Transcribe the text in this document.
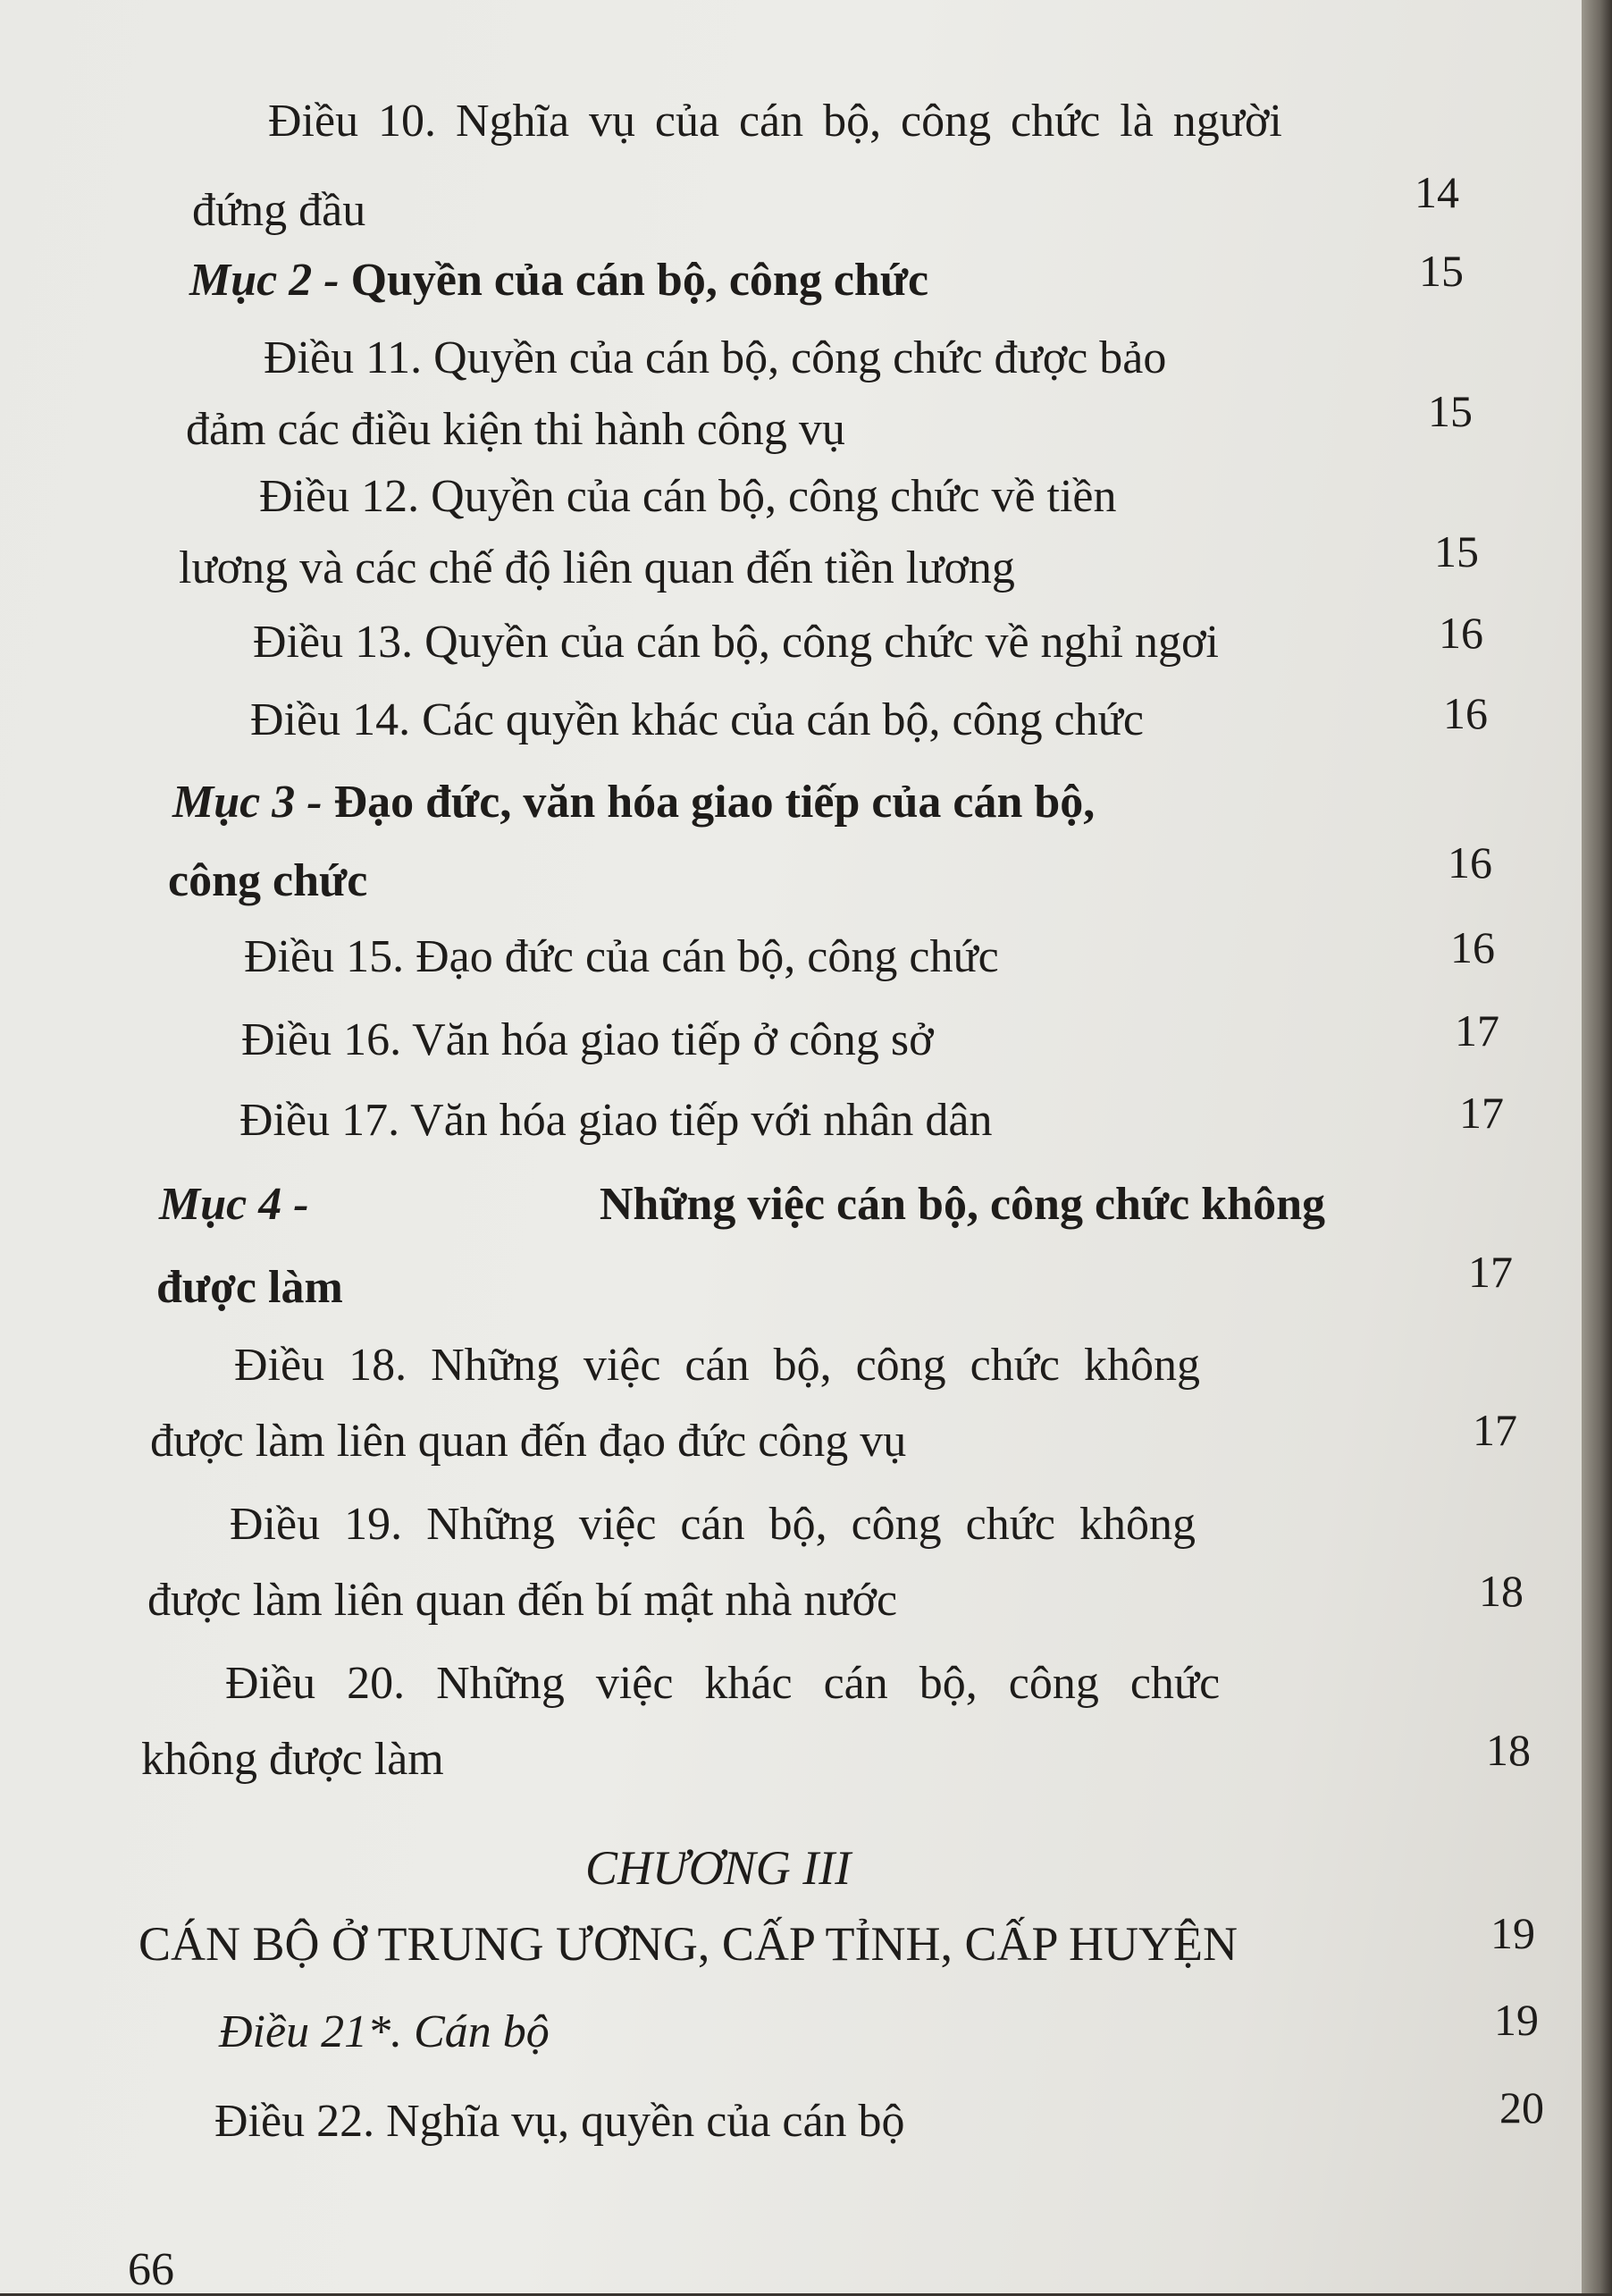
Điều 10. Nghĩa vụ của cán bộ, công chức là người
đứng đầu	14
Mục 2 - Quyền của cán bộ, công chức	15
Điều 11. Quyền của cán bộ, công chức được bảo
đảm các điều kiện thi hành công vụ	15
Điều 12. Quyền của cán bộ, công chức về tiền
lương và các chế độ liên quan đến tiền lương	15
Điều 13. Quyền của cán bộ, công chức về nghỉ ngơi	16
Điều 14. Các quyền khác của cán bộ, công chức	16
Mục 3 - Đạo đức, văn hóa giao tiếp của cán bộ,
công chức	16
Điều 15. Đạo đức của cán bộ, công chức	16
Điều 16. Văn hóa giao tiếp ở công sở	17
Điều 17. Văn hóa giao tiếp với nhân dân	17
Mục 4 -	Những việc cán bộ, công chức không
được làm	17
Điều 18. Những việc cán bộ, công chức không
được làm liên quan đến đạo đức công vụ	17
Điều 19. Những việc cán bộ, công chức không
được làm liên quan đến bí mật nhà nước	18
Điều 20. Những việc khác cán bộ, công chức
không được làm	18
CHƯƠNG III
CÁN BỘ Ở TRUNG ƯƠNG, CẤP TỈNH, CẤP HUYỆN	19
Điều 21*. Cán bộ	19
Điều 22. Nghĩa vụ, quyền của cán bộ	20
66
